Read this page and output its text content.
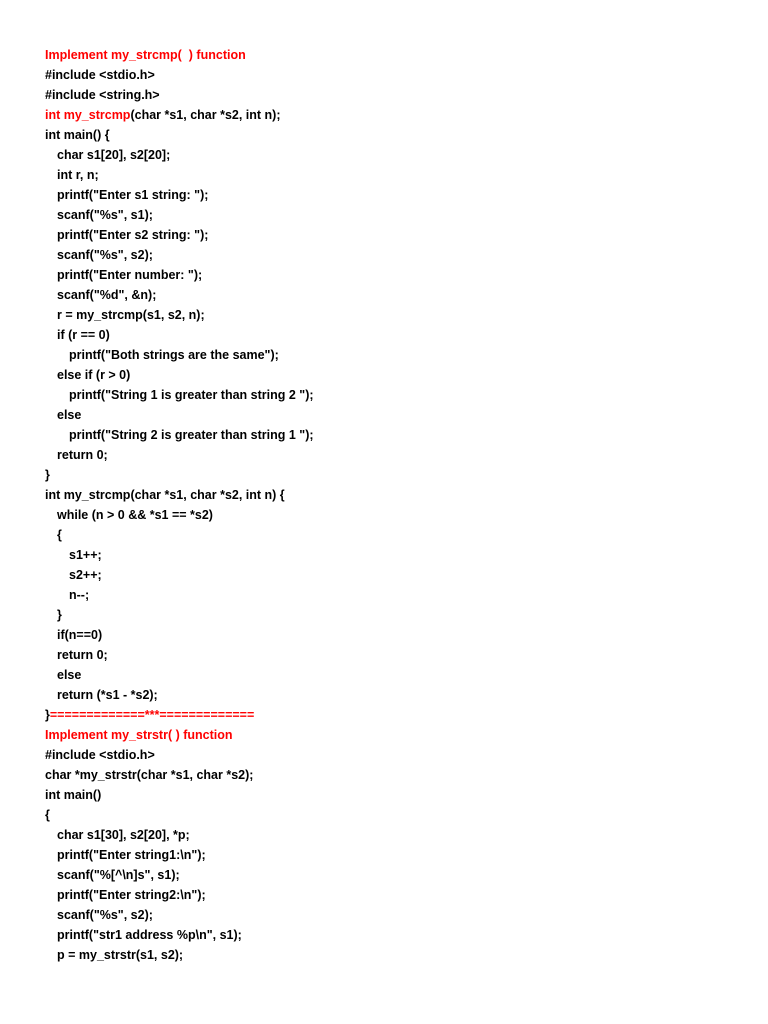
Implement my_strcmp(  ) function
#include <stdio.h>
#include <string.h>
int my_strcmp(char *s1, char *s2, int n);
int main() {
char s1[20], s2[20];
int r, n;
printf("Enter s1 string: ");
scanf("%s", s1);
printf("Enter s2 string: ");
scanf("%s", s2);
printf("Enter number: ");
scanf("%d", &n);
r = my_strcmp(s1, s2, n);
if (r == 0)
printf("Both strings are the same");
else if (r > 0)
printf("String 1 is greater than string 2 ");
else
printf("String 2 is greater than string 1 ");
return 0;
}
int my_strcmp(char *s1, char *s2, int n) {
while (n > 0 && *s1 == *s2)
{
s1++;
s2++;
n--;
}
if(n==0)
return 0;
else
return (*s1 - *s2);
}=============***=============
Implement my_strstr( ) function
#include <stdio.h>
char *my_strstr(char *s1, char *s2);
int main()
{
char s1[30], s2[20], *p;
printf("Enter string1:\n");
scanf("%[^\n]s", s1);
printf("Enter string2:\n");
scanf("%s", s2);
printf("str1 address %p\n", s1);
p = my_strstr(s1, s2);
